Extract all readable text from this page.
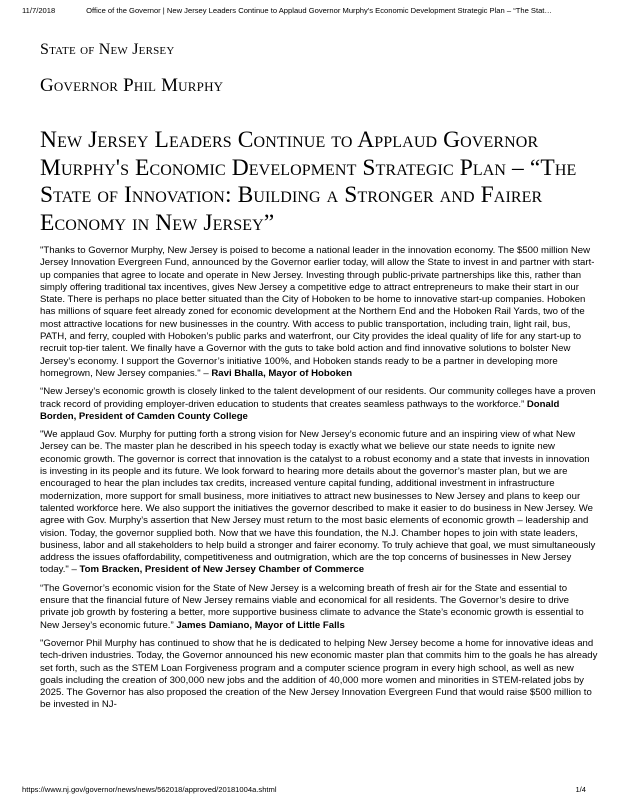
11/7/2018	Office of the Governor | New Jersey Leaders Continue to Applaud Governor Murphy's Economic Development Strategic Plan – “The Stat…
State of New Jersey
Governor Phil Murphy
New Jersey Leaders Continue to Applaud Governor Murphy's Economic Development Strategic Plan – “The State of Innovation: Building a Stronger and Fairer Economy in New Jersey”

"Thanks to Governor Murphy, New Jersey is poised to become a national leader in the innovation economy. The $500 million New Jersey Innovation Evergreen Fund, announced by the Governor earlier today, will allow the State to invest in and partner with start-up companies that agree to locate and operate in New Jersey. Investing through public-private partnerships like this, rather than simply offering traditional tax incentives, gives New Jersey a competitive edge to attract entrepreneurs to make their start in our State. There is perhaps no place better situated than the City of Hoboken to be home to innovative start-up companies. Hoboken has millions of square feet already zoned for economic development at the Northern End and the Hoboken Rail Yards, two of the most attractive locations for new businesses in the country. With access to public transportation, including train, light rail, bus, PATH, and ferry, coupled with Hoboken’s public parks and waterfront, our City provides the ideal quality of life for any start-up to recruit top-tier talent. We finally have a Governor with the guts to take bold action and find innovative solutions to bolster New Jersey’s economy. I support the Governor’s initiative 100%, and Hoboken stands ready to be a partner in developing more homegrown, New Jersey companies." – Ravi Bhalla, Mayor of Hoboken

“New Jersey’s economic growth is closely linked to the talent development of our residents. Our community colleges have a proven track record of providing employer-driven education to students that creates seamless pathways to the workforce.” Donald Borden, President of Camden County College

"We applaud Gov. Murphy for putting forth a strong vision for New Jersey’s economic future and an inspiring view of what New Jersey can be. The master plan he described in his speech today is exactly what we believe our state needs to ignite new economic growth. The governor is correct that innovation is the catalyst to a robust economy and a state that invests in innovation is investing in its people and its future. We look forward to hearing more details about the governor’s master plan, but we are encouraged to hear the plan includes tax credits, increased venture capital funding, additional investment in infrastructure modernization, more support for small business, more initiatives to attract new businesses to New Jersey and plans to keep our talented workforce here. We also support the initiatives the governor described to make it easier to do business in New Jersey. We agree with Gov. Murphy’s assertion that New Jersey must return to the most basic elements of economic growth – leadership and vision. Today, the governor supplied both. Now that we have this foundation, the N.J. Chamber hopes to join with state leaders, business, labor and all stakeholders to help build a stronger and fairer economy. To truly achieve that goal, we must simultaneously address the issues ofaffordability, competitiveness and outmigration, which are the top concerns of businesses in New Jersey today." – Tom Bracken, President of New Jersey Chamber of Commerce

“The Governor’s economic vision for the State of New Jersey is a welcoming breath of fresh air for the State and essential to ensure that the financial future of New Jersey remains viable and economical for all residents. The Governor’s desire to drive private job growth by fostering a better, more supportive business climate to advance the State’s economic growth is essential to New Jersey’s economic future.” James Damiano, Mayor of Little Falls

"Governor Phil Murphy has continued to show that he is dedicated to helping New Jersey become a home for innovative ideas and tech-driven industries. Today, the Governor announced his new economic master plan that commits him to the goals he has already set forth, such as the STEM Loan Forgiveness program and a computer science program in every high school, as well as new goals including the creation of 300,000 new jobs and the addition of 40,000 more women and minorities in STEM-related jobs by 2025. The Governor has also proposed the creation of the New Jersey Innovation Evergreen Fund that would raise $500 million to be invested in NJ-

https://www.nj.gov/governor/news/news/562018/approved/20181004a.shtml	1/4
